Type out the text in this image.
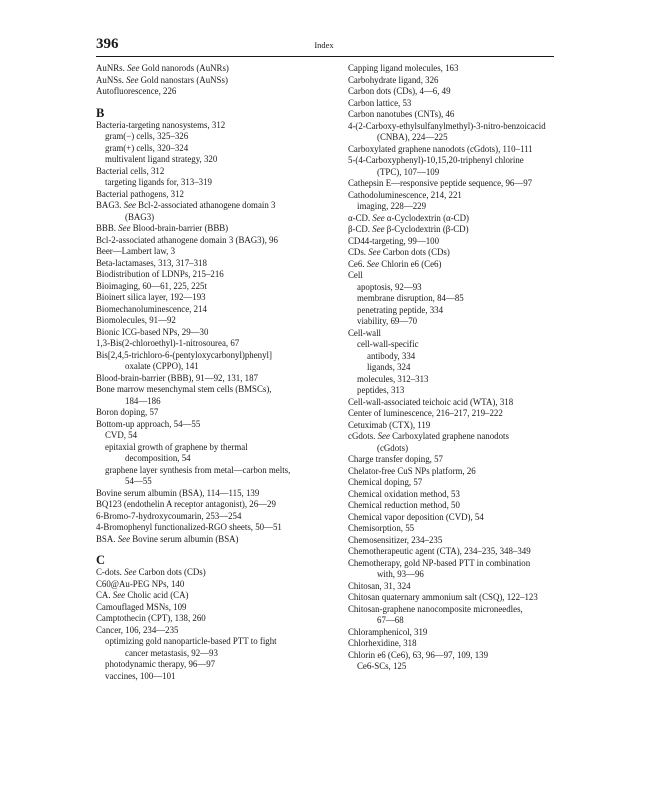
396	Index
AuNRs. See Gold nanorods (AuNRs)
AuNSs. See Gold nanostars (AuNSs)
Autofluorescence, 226
B
Bacteria-targeting nanosystems, 312
gram(−) cells, 325–326
gram(+) cells, 320–324
multivalent ligand strategy, 320
Bacterial cells, 312
targeting ligands for, 313–319
Bacterial pathogens, 312
BAG3. See Bcl-2-associated athanogene domain 3
(BAG3)
BBB. See Blood-brain-barrier (BBB)
Bcl-2-associated athanogene domain 3 (BAG3), 96
Beer—Lambert law, 3
Beta-lactamases, 313, 317–318
Biodistribution of LDNPs, 215–216
Bioimaging, 60—61, 225, 225t
Bioinert silica layer, 192—193
Biomechanoluminescence, 214
Biomolecules, 91—92
Bionic ICG-based NPs, 29—30
1,3-Bis(2-chloroethyl)-1-nitrosourea, 67
Bis[2,4,5-trichloro-6-(pentyloxycarbonyl)phenyl]
oxalate (CPPO), 141
Blood-brain-barrier (BBB), 91—92, 131, 187
Bone marrow mesenchymal stem cells (BMSCs),
184—186
Boron doping, 57
Bottom-up approach, 54—55
CVD, 54
epitaxial growth of graphene by thermal
decomposition, 54
graphene layer synthesis from metal—carbon melts,
54—55
Bovine serum albumin (BSA), 114—115, 139
BQ123 (endothelin A receptor antagonist), 26—29
6-Bromo-7-hydroxycoumarin, 253—254
4-Bromophenyl functionalized-RGO sheets, 50—51
BSA. See Bovine serum albumin (BSA)
C
C-dots. See Carbon dots (CDs)
C60@Au-PEG NPs, 140
CA. See Cholic acid (CA)
Camouflaged MSNs, 109
Camptothecin (CPT), 138, 260
Cancer, 106, 234—235
optimizing gold nanoparticle-based PTT to fight
cancer metastasis, 92—93
photodynamic therapy, 96—97
vaccines, 100—101
Capping ligand molecules, 163
Carbohydrate ligand, 326
Carbon dots (CDs), 4—6, 49
Carbon lattice, 53
Carbon nanotubes (CNTs), 46
4-(2-Carboxy-ethylsulfanylmethyl)-3-nitro-benzoicacid
(CNBA), 224—225
Carboxylated graphene nanodots (cGdots), 110–111
5-(4-Carboxyphenyl)-10,15,20-triphenyl chlorine
(TPC), 107—109
Cathepsin E—responsive peptide sequence, 96—97
Cathodoluminescence, 214, 221
imaging, 228—229
α-CD. See α-Cyclodextrin (α-CD)
β-CD. See β-Cyclodextrin (β-CD)
CD44-targeting, 99—100
CDs. See Carbon dots (CDs)
Ce6. See Chlorin e6 (Ce6)
Cell
apoptosis, 92—93
membrane disruption, 84—85
penetrating peptide, 334
viability, 69—70
Cell-wall
cell-wall-specific
antibody, 334
ligands, 324
molecules, 312–313
peptides, 313
Cell-wall-associated teichoic acid (WTA), 318
Center of luminescence, 216–217, 219–222
Cetuximab (CTX), 119
cGdots. See Carboxylated graphene nanodots
(cGdots)
Charge transfer doping, 57
Chelator-free CuS NPs platform, 26
Chemical doping, 57
Chemical oxidation method, 53
Chemical reduction method, 50
Chemical vapor deposition (CVD), 54
Chemisorption, 55
Chemosensitizer, 234–235
Chemotherapeutic agent (CTA), 234–235, 348–349
Chemotherapy, gold NP-based PTT in combination
with, 93—96
Chitosan, 31, 324
Chitosan quaternary ammonium salt (CSQ), 122–123
Chitosan-graphene nanocomposite microneedles,
67—68
Chloramphenicol, 319
Chlorhexidine, 318
Chlorin e6 (Ce6), 63, 96—97, 109, 139
Ce6-SCs, 125
